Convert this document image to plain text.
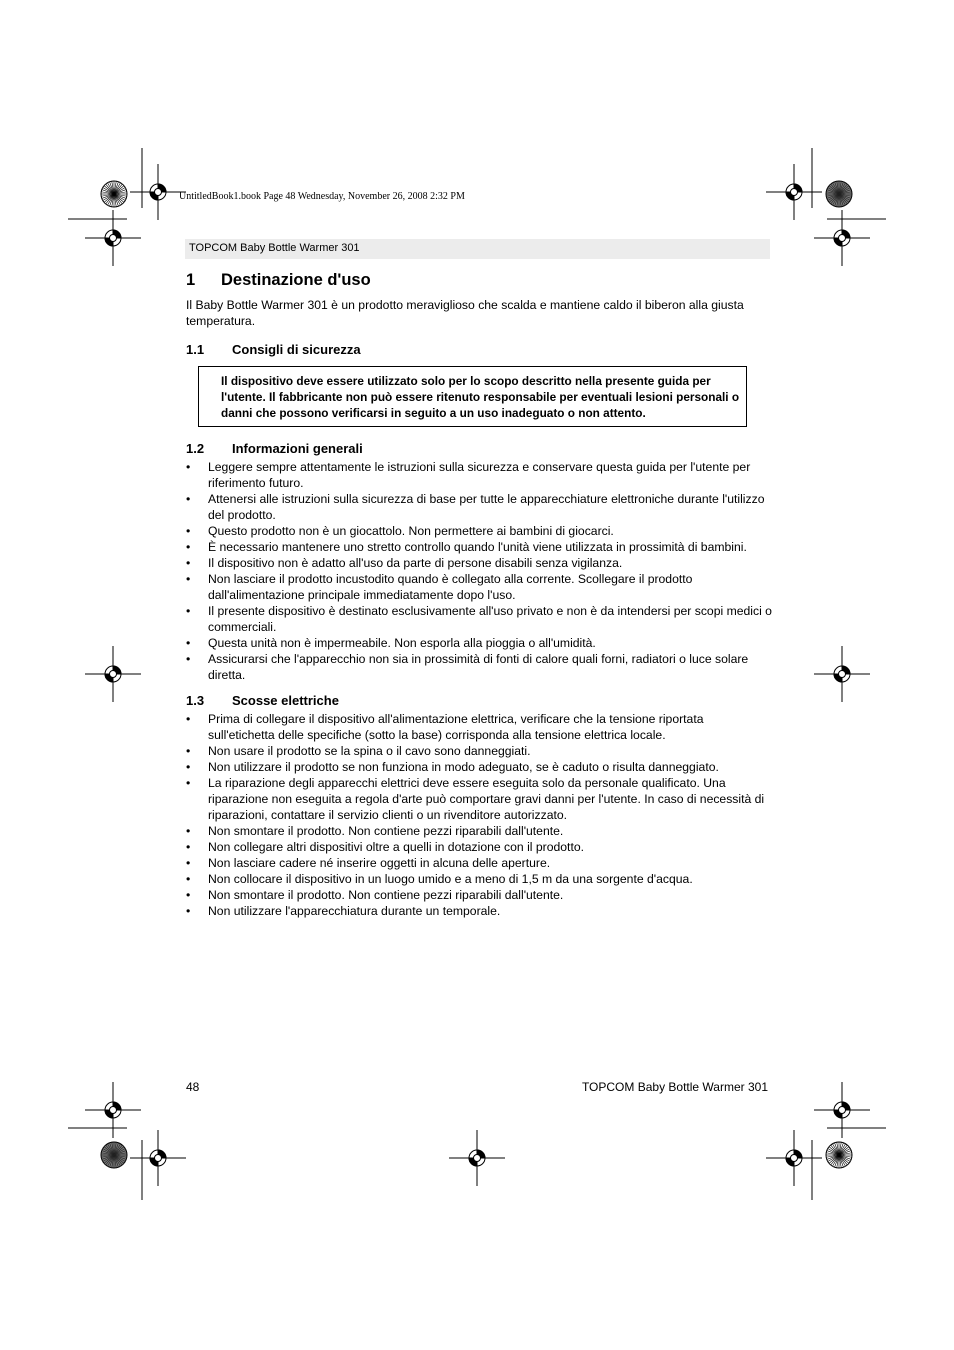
UntitledBook1.book Page 48 Wednesday, November 26, 2008 2:32 PM
TOPCOM Baby Bottle Warmer 301
1	Destinazione d'uso

Il Baby Bottle Warmer 301 è un prodotto meraviglioso che scalda e mantiene caldo il biberon alla giusta temperatura.

1.1	Consigli di sicurezza
Il dispositivo deve essere utilizzato solo per lo scopo descritto nella presente guida per l'utente. Il fabbricante non può essere ritenuto responsabile per eventuali lesioni personali o danni che possono verificarsi in seguito a un uso inadeguato o non attento.
1.2	Informazioni generali
• Leggere sempre attentamente le istruzioni sulla sicurezza e conservare questa guida per l'utente per riferimento futuro.
• Attenersi alle istruzioni sulla sicurezza di base per tutte le apparecchiature elettroniche durante l'utilizzo del prodotto.
• Questo prodotto non è un giocattolo. Non permettere ai bambini di giocarci.
• È necessario mantenere uno stretto controllo quando l'unità viene utilizzata in prossimità di bambini.
• Il dispositivo non è adatto all'uso da parte di persone disabili senza vigilanza.
• Non lasciare il prodotto incustodito quando è collegato alla corrente. Scollegare il prodotto dall'alimentazione principale immediatamente dopo l'uso.
• Il presente dispositivo è destinato esclusivamente all'uso privato e non è da intendersi per scopi medici o commerciali.
• Questa unità non è impermeabile. Non esporla alla pioggia o all'umidità.
• Assicurarsi che l'apparecchio non sia in prossimità di fonti di calore quali forni, radiatori o luce solare diretta.
1.3	Scosse elettriche
• Prima di collegare il dispositivo all'alimentazione elettrica, verificare che la tensione riportata sull'etichetta delle specifiche (sotto la base) corrisponda alla tensione elettrica locale.
• Non usare il prodotto se la spina o il cavo sono danneggiati.
• Non utilizzare il prodotto se non funziona in modo adeguato, se è caduto o risulta danneggiato.
• La riparazione degli apparecchi elettrici deve essere eseguita solo da personale qualificato. Una riparazione non eseguita a regola d'arte può comportare gravi danni per l'utente. In caso di necessità di riparazioni, contattare il servizio clienti o un rivenditore autorizzato.
• Non smontare il prodotto. Non contiene pezzi riparabili dall'utente.
• Non collegare altri dispositivi oltre a quelli in dotazione con il prodotto.
• Non lasciare cadere né inserire oggetti in alcuna delle aperture.
• Non collocare il dispositivo in un luogo umido e a meno di 1,5 m da una sorgente d'acqua.
• Non smontare il prodotto. Non contiene pezzi riparabili dall'utente.
• Non utilizzare l'apparecchiatura durante un temporale.
48	TOPCOM Baby Bottle Warmer 301
